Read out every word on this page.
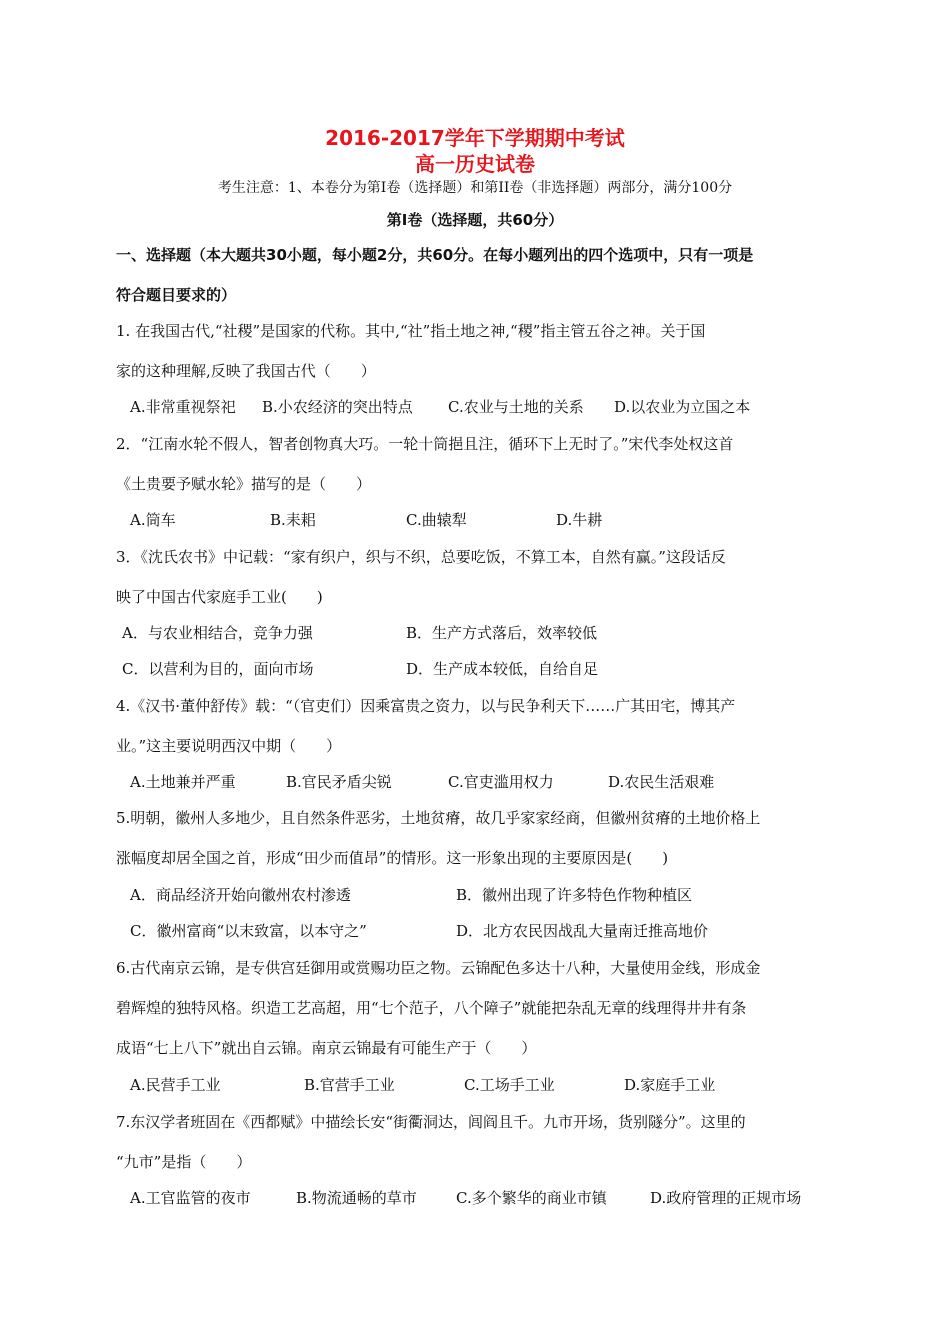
2016-2017学年下学期期中考试
高一历史试卷
考生注意：1、本卷分为第I卷（选择题）和第II卷（非选择题）两部分，满分100分
第Ⅰ卷（选择题，共60分）
一、选择题（本大题共30小题，每小题2分，共60分。在每小题列出的四个选项中，只有一项是
符合题目要求的）
1. 在我国古代,“社稷”是国家的代称。其中,“社”指土地之神,“稷”指主管五谷之神。关于国
家的这种理解,反映了我国古代（　　）
A.非常重视祭祀 B.小农经济的突出特点 C.农业与土地的关系 D.以农业为立国之本
2．“江南水轮不假人，智者创物真大巧。一轮十筒挹且注，循环下上无时了。”宋代李处权这首
《土贵要予赋水轮》描写的是（　　）
A.筒车	B.耒耜	C.曲辕犁	D.牛耕
3．《沈氏农书》中记载：“家有织户，织与不织，总要吃饭，不算工本，自然有赢。”这段话反
映了中国古代家庭手工业(　　)
A．与农业相结合，竞争力强	B．生产方式落后，效率较低
C．以营利为目的，面向市场	D．生产成本较低，自给自足
4.《汉书·董仲舒传》载：“（官吏们）因乘富贵之资力，以与民争利天下……广其田宅，博其产
业。”这主要说明西汉中期（　　）
A.土地兼并严重	B.官民矛盾尖锐	C.官吏滥用权力	D.农民生活艰难
5.明朝，徽州人多地少，且自然条件恶劣，土地贫瘠，故几乎家家经商，但徽州贫瘠的土地价格上
涨幅度却居全国之首，形成“田少而值昂”的情形。这一形象出现的主要原因是(　　)
A．商品经济开始向徽州农村渗透	B．徽州出现了许多特色作物种植区
C．徽州富商“以末致富，以本守之”	D．北方农民因战乱大量南迁推高地价
6.古代南京云锦，是专供宫廷御用或赏赐功臣之物。云锦配色多达十八种，大量使用金线，形成金
碧辉煌的独特风格。织造工艺高超，用“七个范子，八个障子”就能把杂乱无章的线理得井井有条
成语“七上八下”就出自云锦。南京云锦最有可能生产于（　　）
A.民营手工业	B.官营手工业	C.工场手工业	D.家庭手工业
7.东汉学者班固在《西都赋》中描绘长安“街衢洞达，闾阎且千。九市开场，货别隧分”。这里的
“九市”是指（　　）
A.工官监管的夜市	B.物流通畅的草市	C.多个繁华的商业市镇	D.政府管理的正规市场
